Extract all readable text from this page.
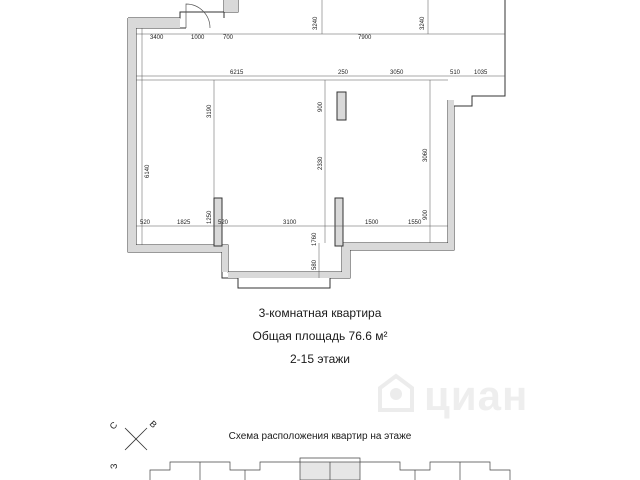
3400	1000	700
3240
7900
3240
6215	250	3050	510 1035
6140
3190	900
2330
3060
520	1825	1250 520	3100
1760
1500	1550
900
580
С	В
З
3-комнатная квартира
Общая площадь 76.6 м²
2-15 этажи
циан
Схема расположения квартир на этаже
